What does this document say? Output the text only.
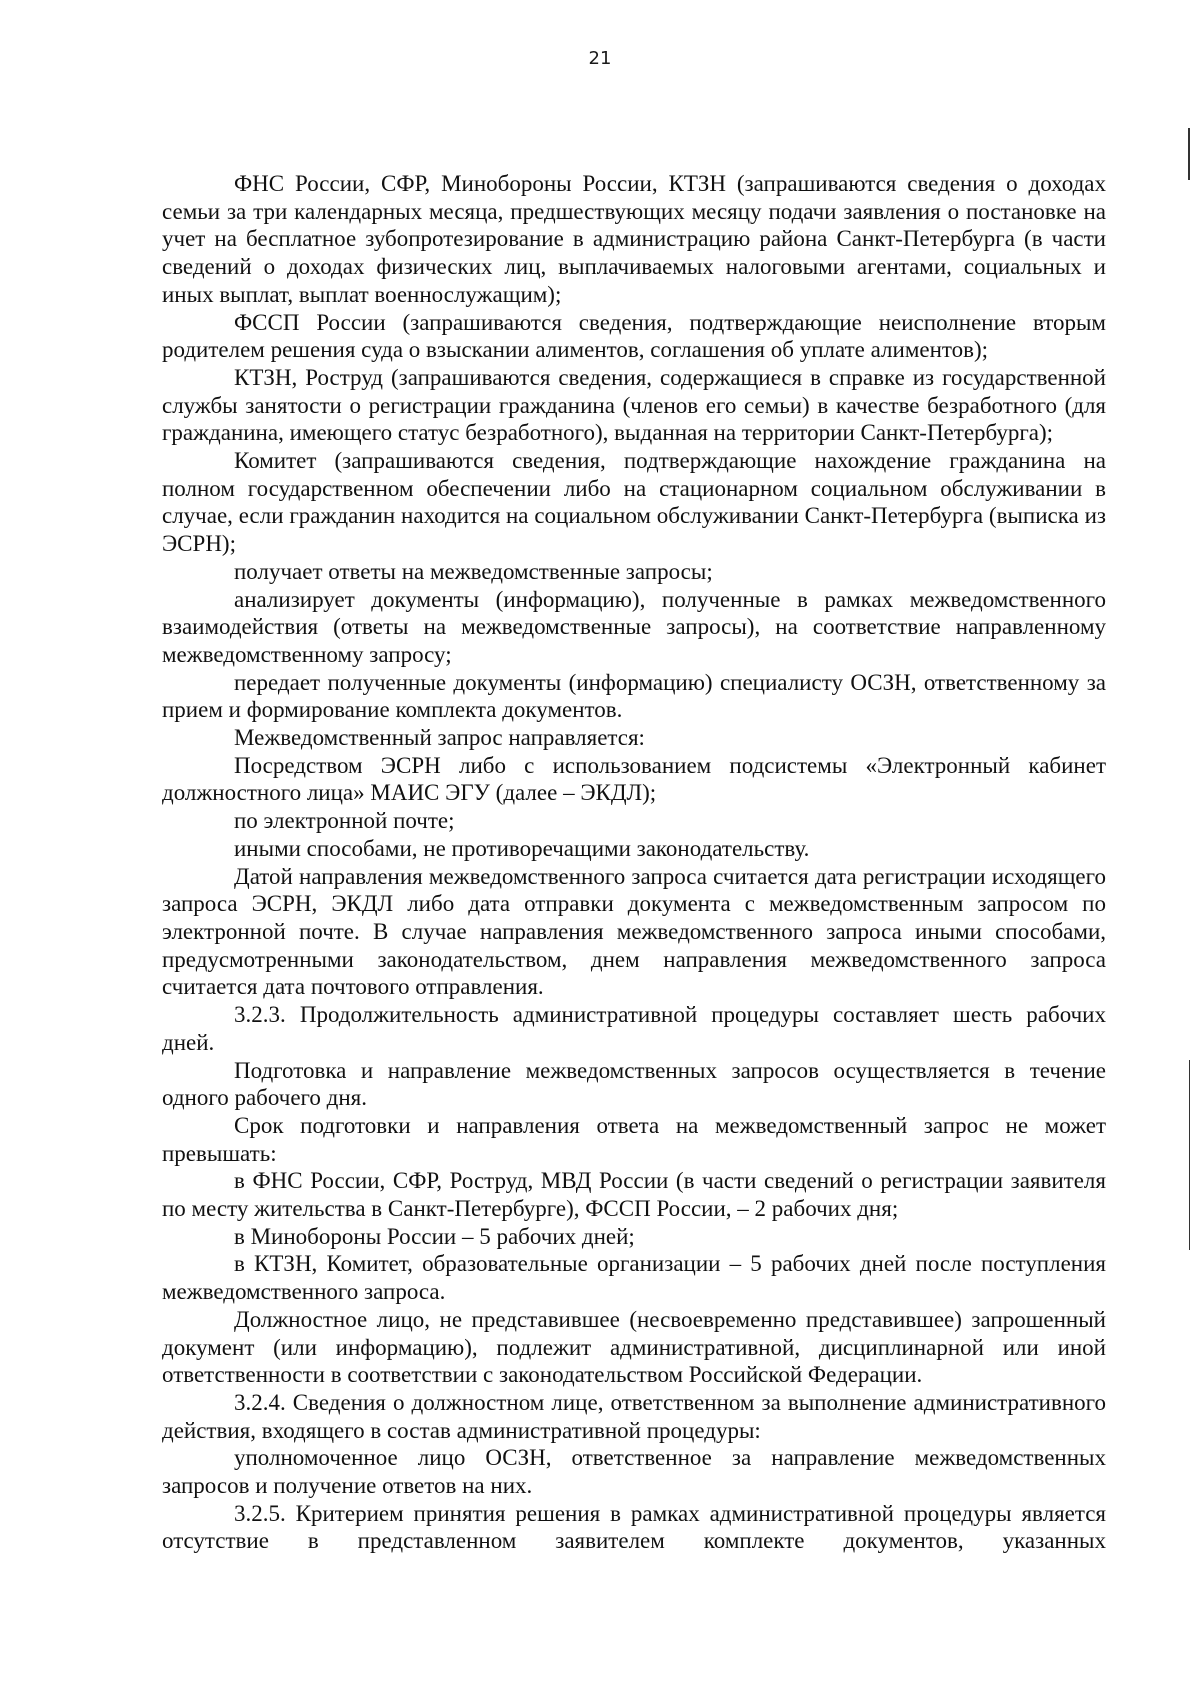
21

ФНС России, СФР, Минобороны России, КТЗН (запрашиваются сведения о доходах семьи за три календарных месяца, предшествующих месяцу подачи заявления о постановке на учет на бесплатное зубопротезирование в администрацию района Санкт-Петербурга (в части сведений о доходах физических лиц, выплачиваемых налоговыми агентами, социальных и иных выплат, выплат военнослужащим);

ФССП России (запрашиваются сведения, подтверждающие неисполнение вторым родителем решения суда о взыскании алиментов, соглашения об уплате алиментов);

КТЗН, Роструд (запрашиваются сведения, содержащиеся в справке из государственной службы занятости о регистрации гражданина (членов его семьи) в качестве безработного (для гражданина, имеющего статус безработного), выданная на территории Санкт-Петербурга);

Комитет (запрашиваются сведения, подтверждающие нахождение гражданина на полном государственном обеспечении либо на стационарном социальном обслуживании в случае, если гражданин находится на социальном обслуживании Санкт-Петербурга (выписка из ЭСРН);

получает ответы на межведомственные запросы;

анализирует документы (информацию), полученные в рамках межведомственного взаимодействия (ответы на межведомственные запросы), на соответствие направленному межведомственному запросу;

передает полученные документы (информацию) специалисту ОСЗН, ответственному за прием и формирование комплекта документов.

Межведомственный запрос направляется:

Посредством ЭСРН либо с использованием подсистемы «Электронный кабинет должностного лица» МАИС ЭГУ (далее – ЭКДЛ);

по электронной почте;

иными способами, не противоречащими законодательству.

Датой направления межведомственного запроса считается дата регистрации исходящего запроса ЭСРН, ЭКДЛ либо дата отправки документа с межведомственным запросом по электронной почте. В случае направления межведомственного запроса иными способами, предусмотренными законодательством, днем направления межведомственного запроса считается дата почтового отправления.

3.2.3. Продолжительность административной процедуры составляет шесть рабочих дней.

Подготовка и направление межведомственных запросов осуществляется в течение одного рабочего дня.

Срок подготовки и направления ответа на межведомственный запрос не может превышать:

в ФНС России, СФР, Роструд, МВД России (в части сведений о регистрации заявителя по месту жительства в Санкт-Петербурге), ФССП России, – 2 рабочих дня;

в Минобороны России – 5 рабочих дней;

в КТЗН, Комитет, образовательные организации – 5 рабочих дней после поступления межведомственного запроса.

Должностное лицо, не представившее (несвоевременно представившее) запрошенный документ (или информацию), подлежит административной, дисциплинарной или иной ответственности в соответствии с законодательством Российской Федерации.

3.2.4. Сведения о должностном лице, ответственном за выполнение административного действия, входящего в состав административной процедуры:

уполномоченное лицо ОСЗН, ответственное за направление межведомственных запросов и получение ответов на них.

3.2.5. Критерием принятия решения в рамках административной процедуры является отсутствие в представленном заявителем комплекте документов, указанных
